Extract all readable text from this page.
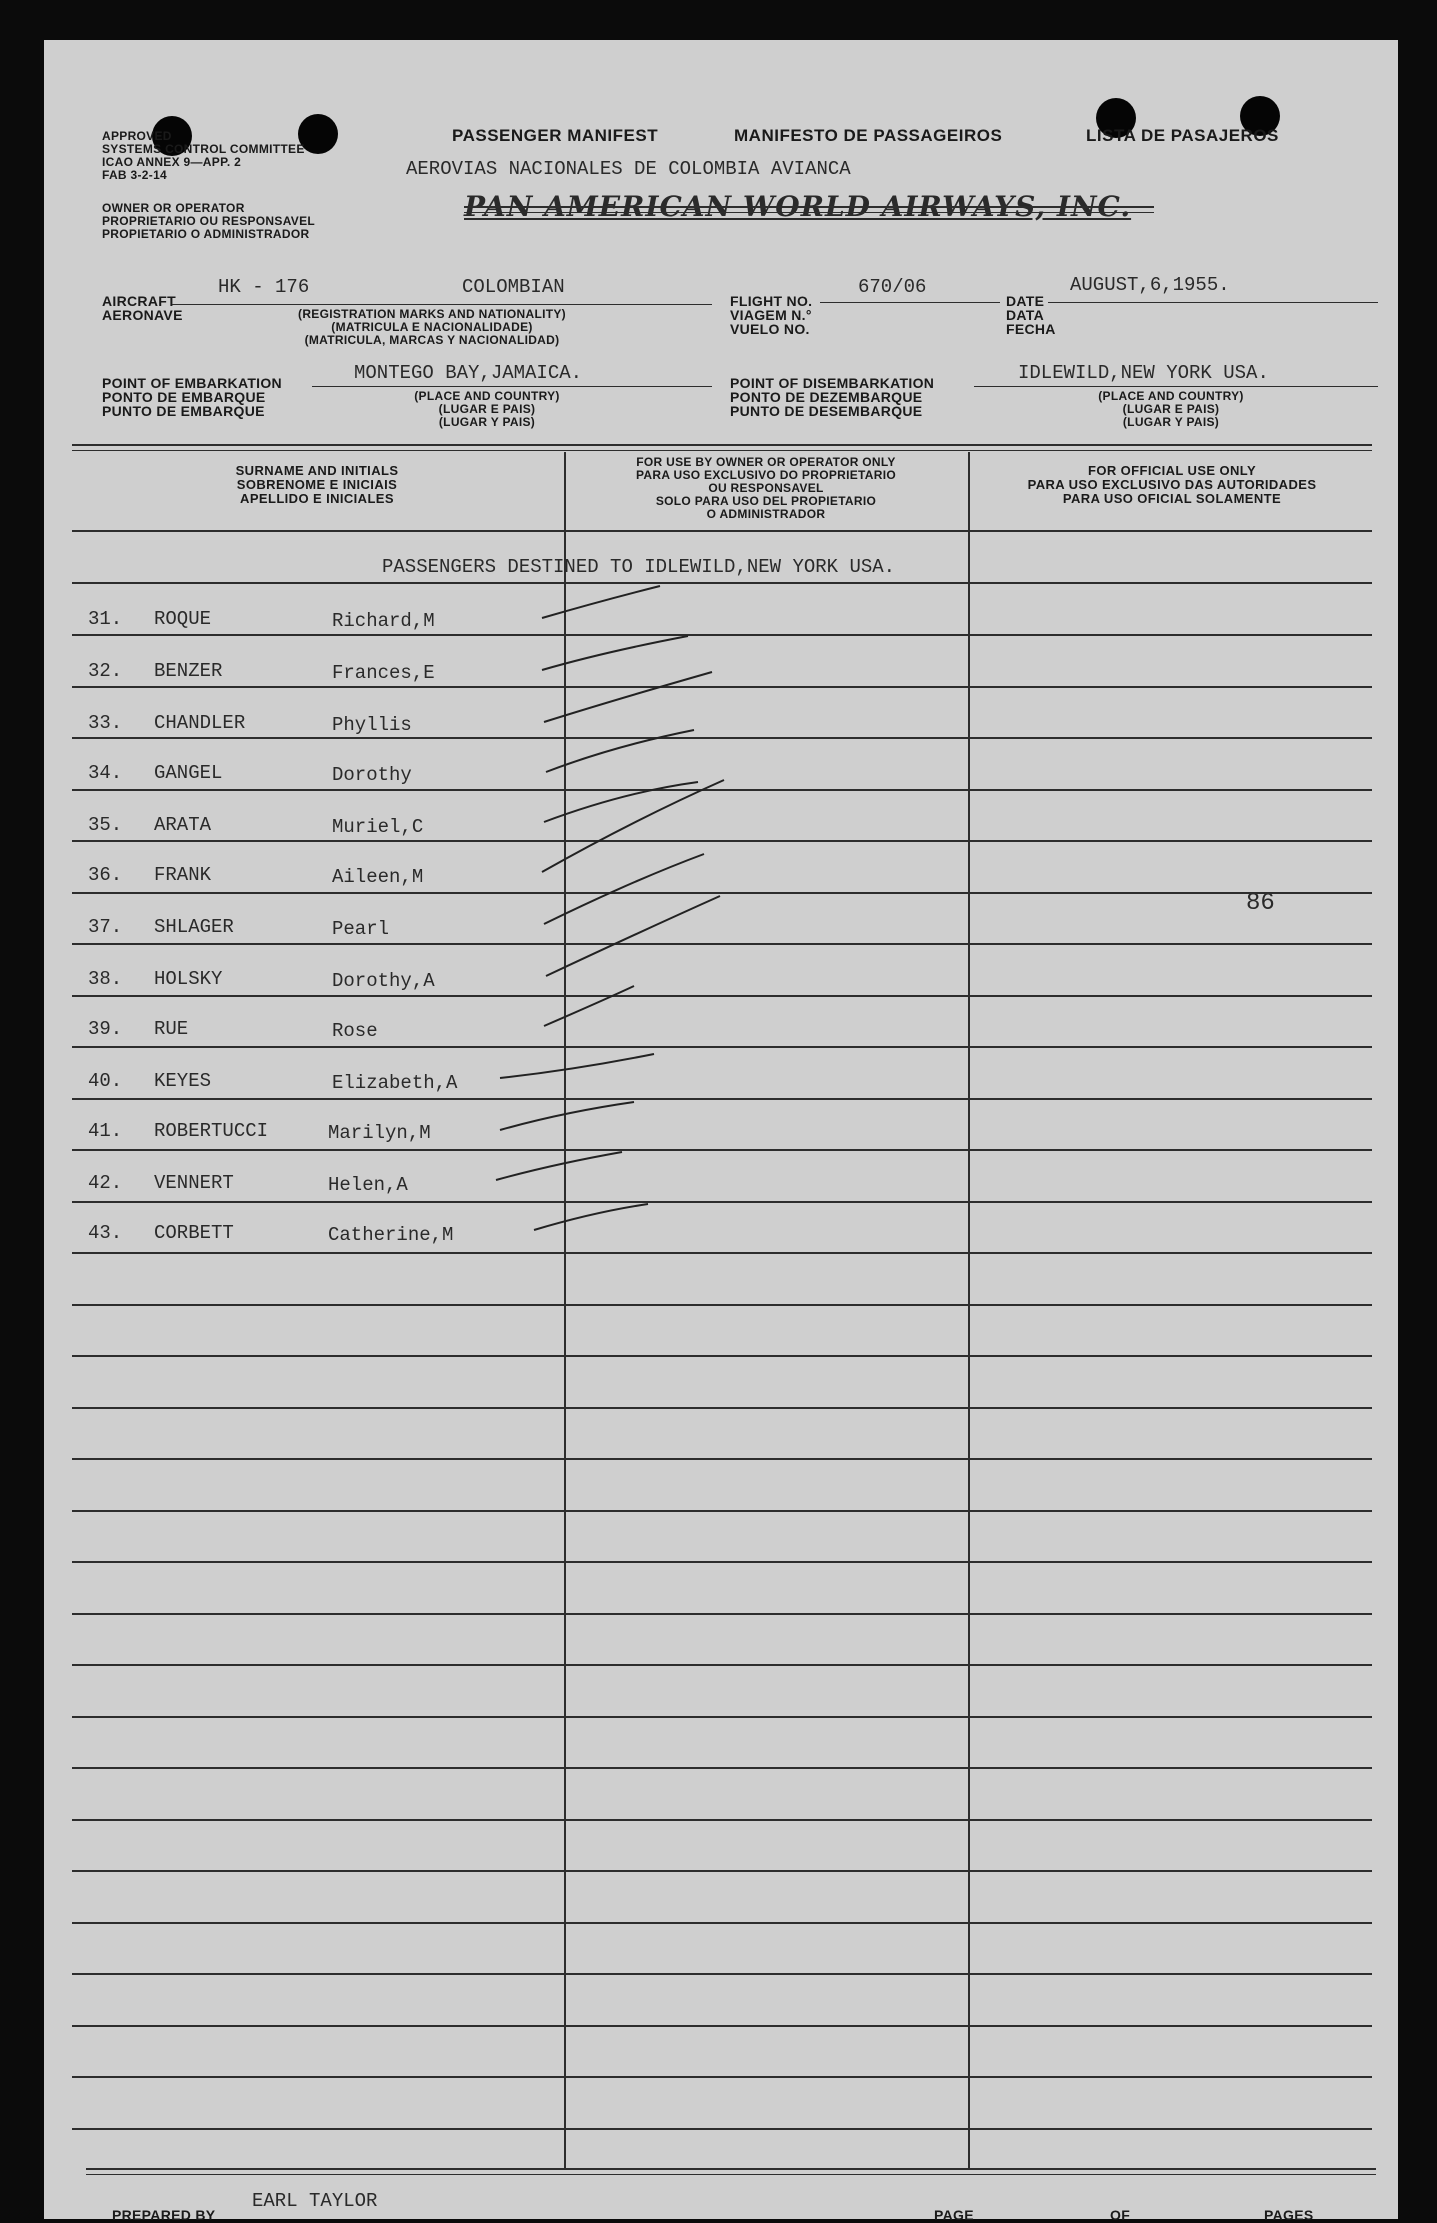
APPROVED
SYSTEMS CONTROL COMMITTEE
ICAO ANNEX 9—APP. 2
FAB 3-2-14
OWNER OR OPERATOR
PROPRIETARIO OU RESPONSAVEL
PROPIETARIO O ADMINISTRADOR
PASSENGER MANIFEST	MANIFESTO DE PASSAGEIROS	LISTA DE PASAJEROS
AEROVIAS NACIONALES DE COLOMBIA AVIANCA
PAN AMERICAN WORLD AIRWAYS, INC.
AIRCRAFT
AERONAVE
HK - 176	COLOMBIAN
(REGISTRATION MARKS AND NATIONALITY)
(MATRICULA E NACIONALIDADE)
(MATRICULA, MARCAS Y NACIONALIDAD)
FLIGHT NO.
VIAGEM N.°
VUELO NO.
670/06
DATE
DATA
FECHA
AUGUST,6,1955.
POINT OF EMBARKATION
PONTO DE EMBARQUE
PUNTO DE EMBARQUE
MONTEGO BAY,JAMAICA.
(PLACE AND COUNTRY)
(LUGAR E PAIS)
(LUGAR Y PAIS)
POINT OF DISEMBARKATION
PONTO DE DEZEMBARQUE
PUNTO DE DESEMBARQUE
IDLEWILD,NEW YORK USA.
(PLACE AND COUNTRY)
(LUGAR E PAIS)
(LUGAR Y PAIS)
SURNAME AND INITIALS
SOBRENOME E INICIAIS
APELLIDO E INICIALES
FOR USE BY OWNER OR OPERATOR ONLY
PARA USO EXCLUSIVO DO PROPRIETARIO
OU RESPONSAVEL
SOLO PARA USO DEL PROPIETARIO
O ADMINISTRADOR
FOR OFFICIAL USE ONLY
PARA USO EXCLUSIVO DAS AUTORIDADES
PARA USO OFICIAL SOLAMENTE
PASSENGERS DESTINED TO IDLEWILD,NEW YORK USA.
31. ROQUE	Richard,M
32. BENZER	Frances,E
33. CHANDLER	Phyllis
34. GANGEL	Dorothy
35. ARATA	Muriel,C
36. FRANK	Aileen,M
37. SHLAGER	Pearl
38. HOLSKY	Dorothy,A
39. RUE	Rose
40. KEYES	Elizabeth,A
41. ROBERTUCCI	Marilyn,M
42. VENNERT	Helen,A
43. CORBETT	Catherine,M
86
PREPARED BY
EARL TAYLOR
PAGE	OF	PAGES
